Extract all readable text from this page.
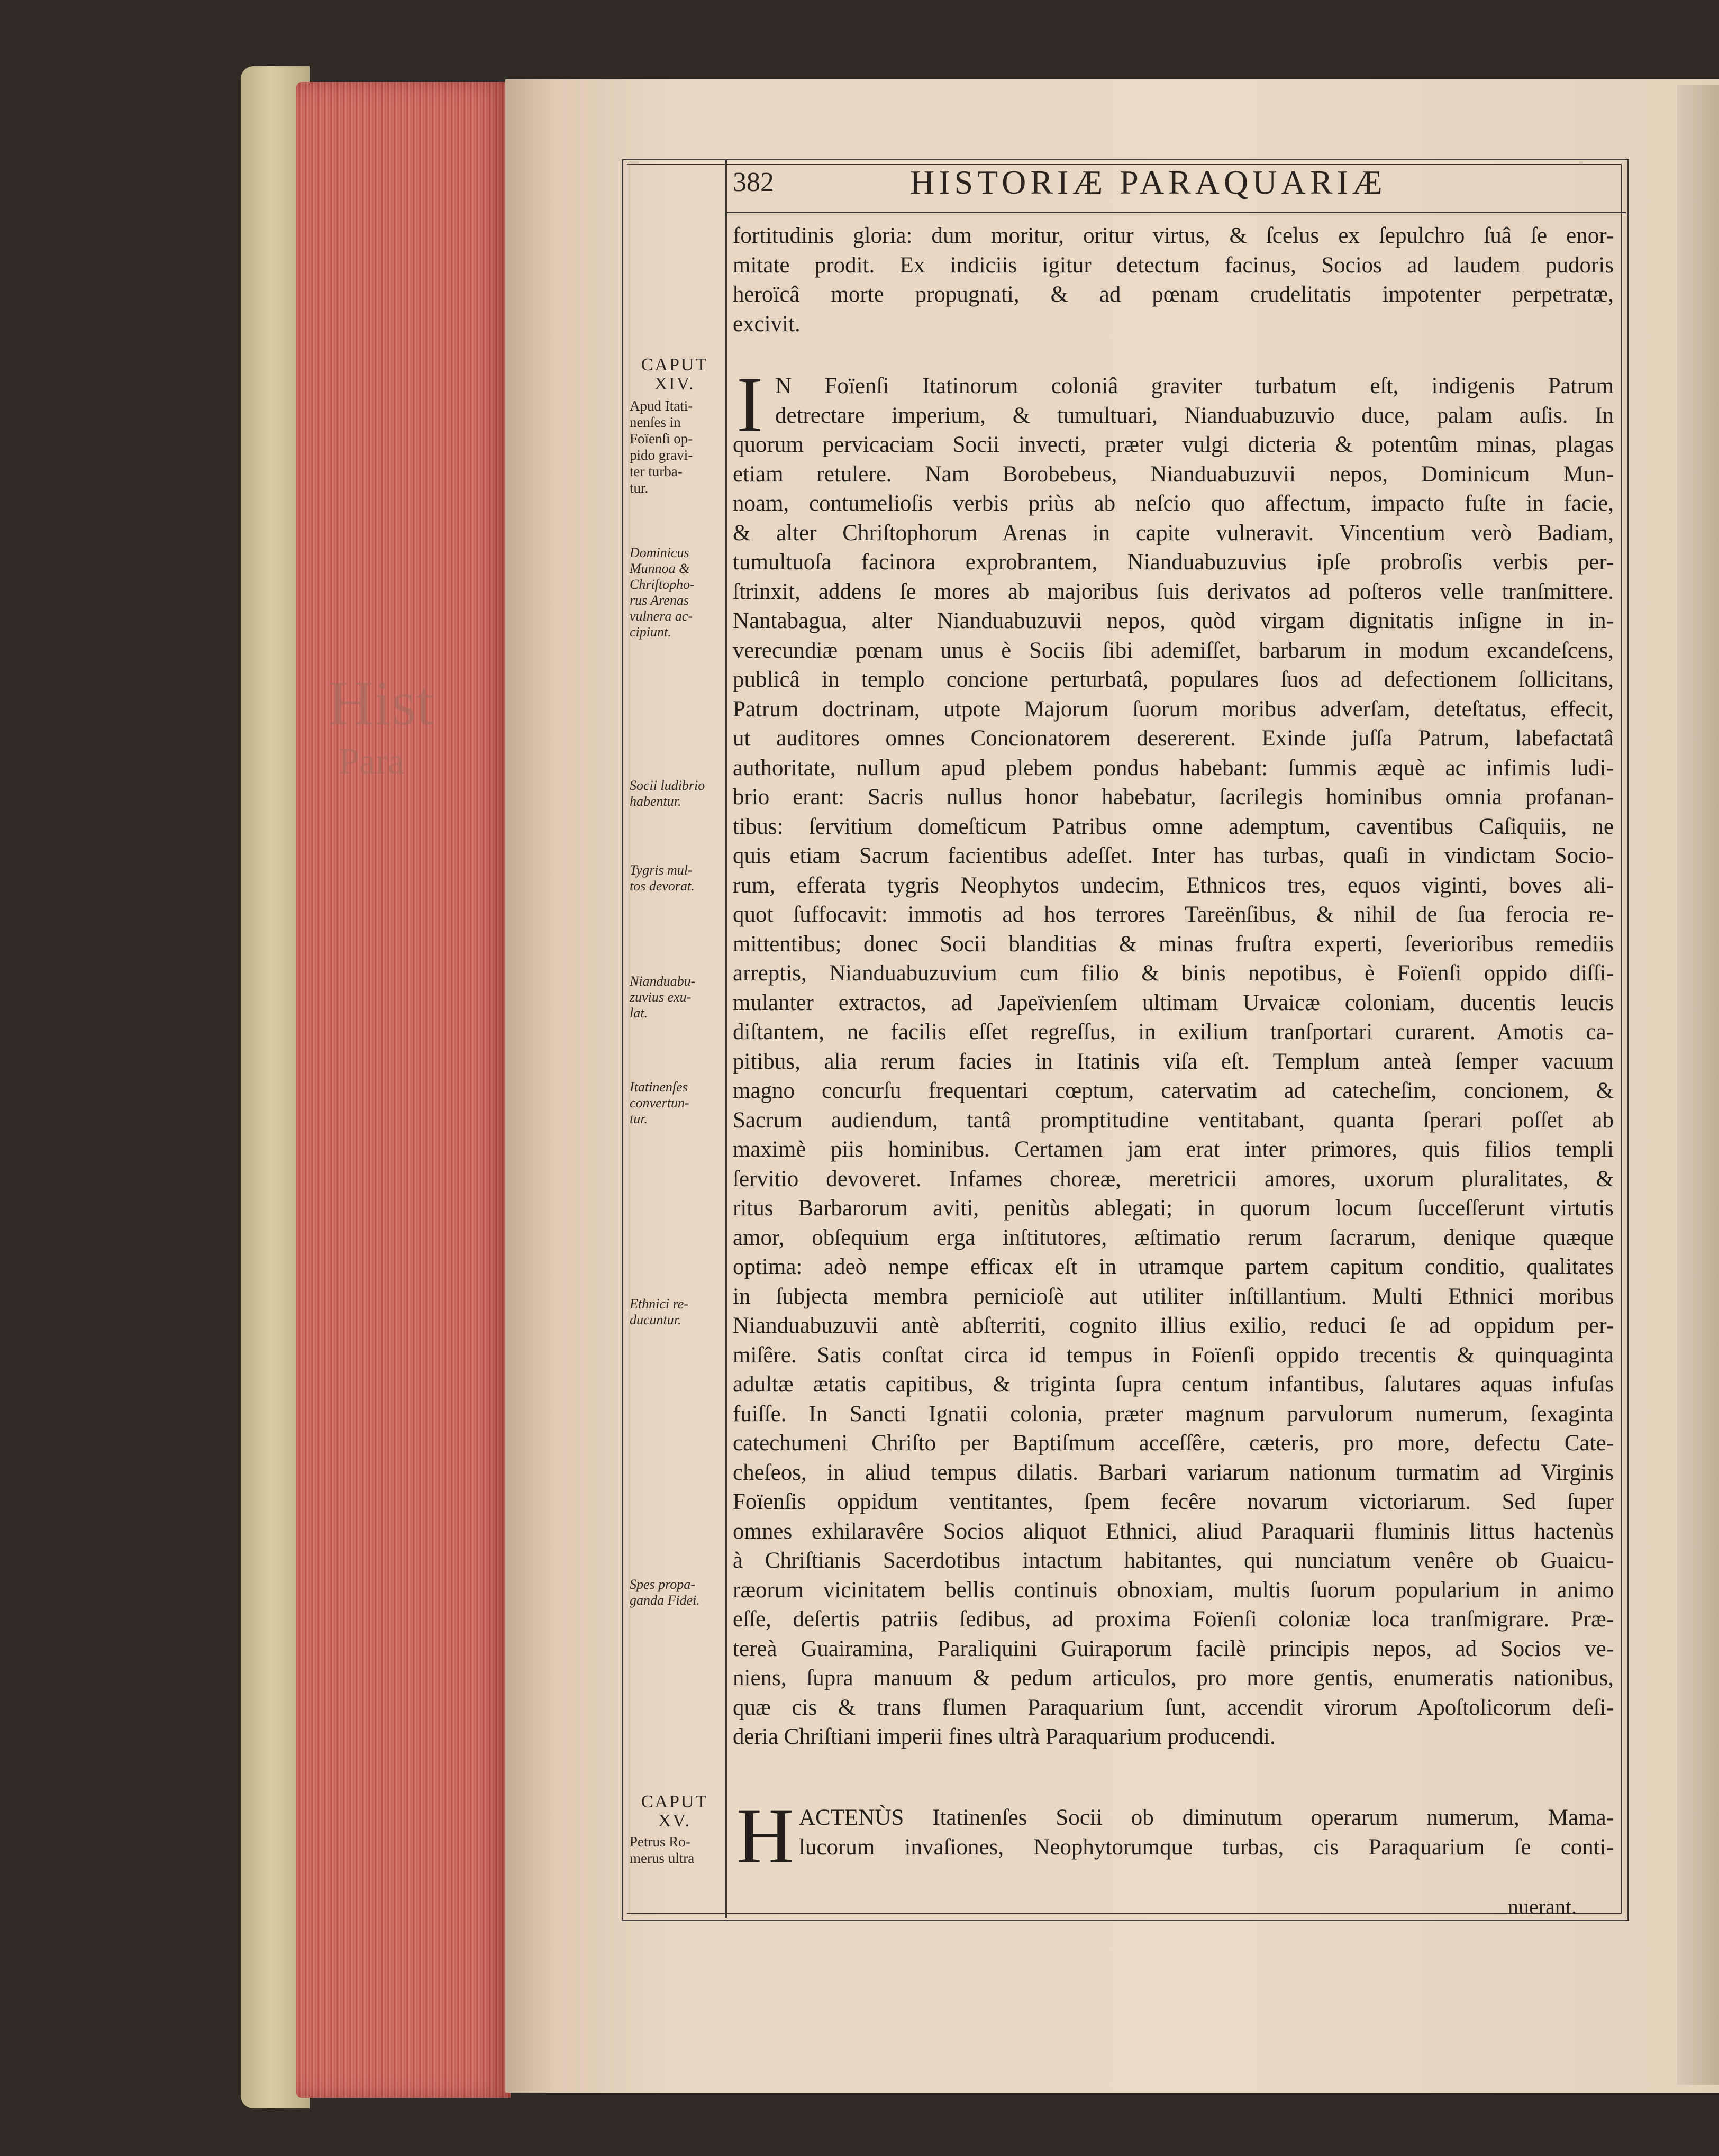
Hist
Para
382	HISTORIÆ PARAQUARIÆ
fortitudinis gloria: dum moritur, oritur virtus, & ſcelus ex ſepulchro ſuâ ſe enor-
mitate prodit. Ex indiciis igitur detectum facinus, Socios ad laudem pudoris
heroïcâ morte propugnati, & ad pœnam crudelitatis impotenter perpetratæ,
excivit.
CAPUT
XIV.
Apud Itati-
nenſes in
Foïenſi op-
pido gravi-
ter turba-
tur.
Dominicus
Munnoa &
Chriſtopho-
rus Arenas
vulnera ac-
cipiunt.
Socii ludibrio
habentur.
Tygris mul-
tos devorat.
Nianduabu-
zuvius exu-
lat.
Itatinenſes
convertun-
tur.
Ethnici re-
ducuntur.
Spes propa-
ganda Fidei.
I N Foïenſi Itatinorum coloniâ graviter turbatum eſt, indigenis Patrum
detrectare imperium, & tumultuari, Nianduabuzuvio duce, palam auſis. In
quorum pervicaciam Socii invecti, præter vulgi dicteria & potentûm minas, plagas
etiam retulere. Nam Borobebeus, Nianduabuzuvii nepos, Dominicum Mun-
noam, contumelioſis verbis priùs ab neſcio quo affectum, impacto fuſte in facie,
& alter Chriſtophorum Arenas in capite vulneravit. Vincentium verò Badiam,
tumultuoſa facinora exprobrantem, Nianduabuzuvius ipſe probroſis verbis per-
ſtrinxit, addens ſe mores ab majoribus ſuis derivatos ad poſteros velle tranſmittere.
Nantabagua, alter Nianduabuzuvii nepos, quòd virgam dignitatis inſigne in in-
verecundiæ pœnam unus è Sociis ſibi ademiſſet, barbarum in modum excandeſcens,
publicâ in templo concione perturbatâ, populares ſuos ad defectionem ſollicitans,
Patrum doctrinam, utpote Majorum ſuorum moribus adverſam, deteſtatus, effecit,
ut auditores omnes Concionatorem desererent. Exinde juſſa Patrum, labefactatâ
authoritate, nullum apud plebem pondus habebant: ſummis æquè ac infimis ludi-
brio erant: Sacris nullus honor habebatur, ſacrilegis hominibus omnia profanan-
tibus: ſervitium domeſticum Patribus omne ademptum, caventibus Caſiquiis, ne
quis etiam Sacrum facientibus adeſſet. Inter has turbas, quaſi in vindictam Socio-
rum, efferata tygris Neophytos undecim, Ethnicos tres, equos viginti, boves ali-
quot ſuffocavit: immotis ad hos terrores Tareënſibus, & nihil de ſua ferocia re-
mittentibus; donec Socii blanditias & minas fruſtra experti, ſeverioribus remediis
arreptis, Nianduabuzuvium cum filio & binis nepotibus, è Foïenſi oppido diſſi-
mulanter extractos, ad Japeïvienſem ultimam Urvaicæ coloniam, ducentis leucis
diſtantem, ne facilis eſſet regreſſus, in exilium tranſportari curarent. Amotis ca-
pitibus, alia rerum facies in Itatinis viſa eſt. Templum anteà ſemper vacuum
magno concurſu frequentari cœptum, catervatim ad catecheſim, concionem, &
Sacrum audiendum, tantâ promptitudine ventitabant, quanta ſperari poſſet ab
maximè piis hominibus. Certamen jam erat inter primores, quis filios templi
ſervitio devoveret. Infames choreæ, meretricii amores, uxorum pluralitates, &
ritus Barbarorum aviti, penitùs ablegati; in quorum locum ſucceſſerunt virtutis
amor, obſequium erga inſtitutores, æſtimatio rerum ſacrarum, denique quæque
optima: adeò nempe efficax eſt in utramque partem capitum conditio, qualitates
in ſubjecta membra pernicioſè aut utiliter inſtillantium. Multi Ethnici moribus
Nianduabuzuvii antè abſterriti, cognito illius exilio, reduci ſe ad oppidum per-
miſêre. Satis conſtat circa id tempus in Foïenſi oppido trecentis & quinquaginta
adultæ ætatis capitibus, & triginta ſupra centum infantibus, ſalutares aquas infuſas
fuiſſe. In Sancti Ignatii colonia, præter magnum parvulorum numerum, ſexaginta
catechumeni Chriſto per Baptiſmum acceſſêre, cæteris, pro more, defectu Cate-
cheſeos, in aliud tempus dilatis. Barbari variarum nationum turmatim ad Virginis
Foïenſis oppidum ventitantes, ſpem fecêre novarum victoriarum. Sed ſuper
omnes exhilaravêre Socios aliquot Ethnici, aliud Paraquarii fluminis littus hactenùs
à Chriſtianis Sacerdotibus intactum habitantes, qui nunciatum venêre ob Guaicu-
ræorum vicinitatem bellis continuis obnoxiam, multis ſuorum popularium in animo
eſſe, deſertis patriis ſedibus, ad proxima Foïenſi coloniæ loca tranſmigrare. Præ-
tereà Guairamina, Paraliquini Guiraporum facilè principis nepos, ad Socios ve-
niens, ſupra manuum & pedum articulos, pro more gentis, enumeratis nationibus,
quæ cis & trans flumen Paraquarium ſunt, accendit virorum Apoſtolicorum deſi-
deria Chriſtiani imperii fines ultrà Paraquarium producendi.
CAPUT
XV.
Petrus Ro-
merus ultra H ACTENÙS Itatinenſes Socii ob diminutum operarum numerum, Mama-
lucorum invaſiones, Neophytorumque turbas, cis Paraquarium ſe conti-
nuerant.
